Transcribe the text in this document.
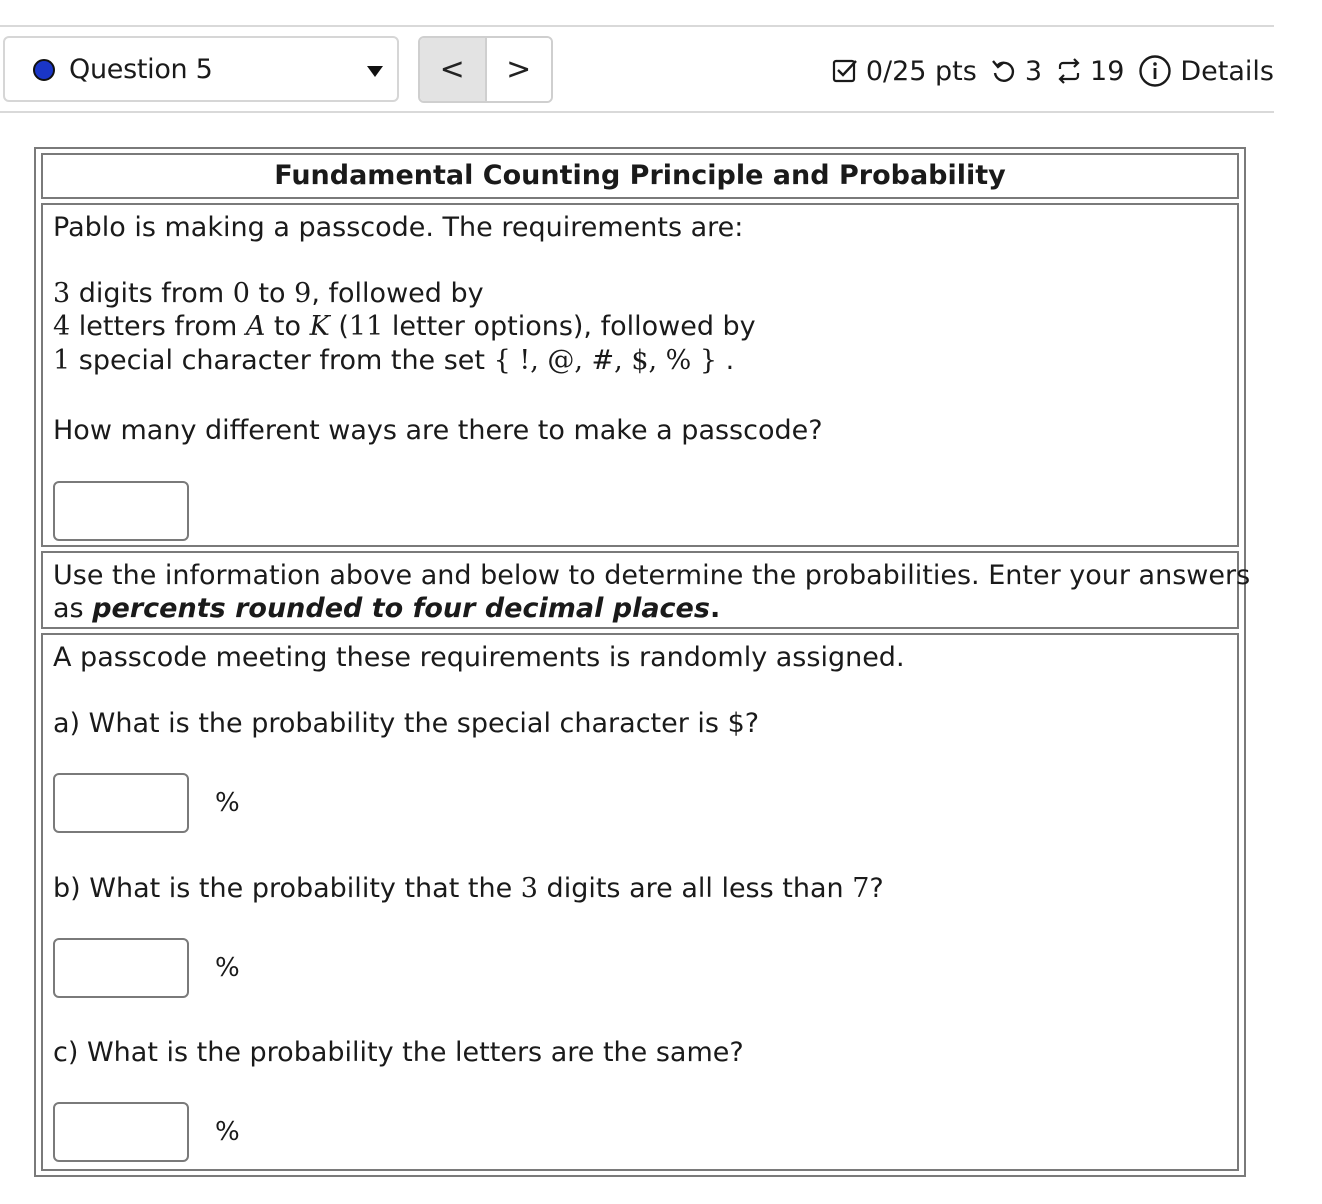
Question 5	<	>	0/25 pts 3 19 Details
Fundamental Counting Principle and Probability
Pablo is making a passcode. The requirements are:
3 digits from 0 to 9, followed by
4 letters from A to K (11 letter options), followed by
1 special character from the set { !, @, #, $, % } .
How many different ways are there to make a passcode?
Use the information above and below to determine the probabilities. Enter your answers
as percents rounded to four decimal places.
A passcode meeting these requirements is randomly assigned.
a) What is the probability the special character is $?
%
b) What is the probability that the 3 digits are all less than 7?
%
c) What is the probability the letters are the same?
%
